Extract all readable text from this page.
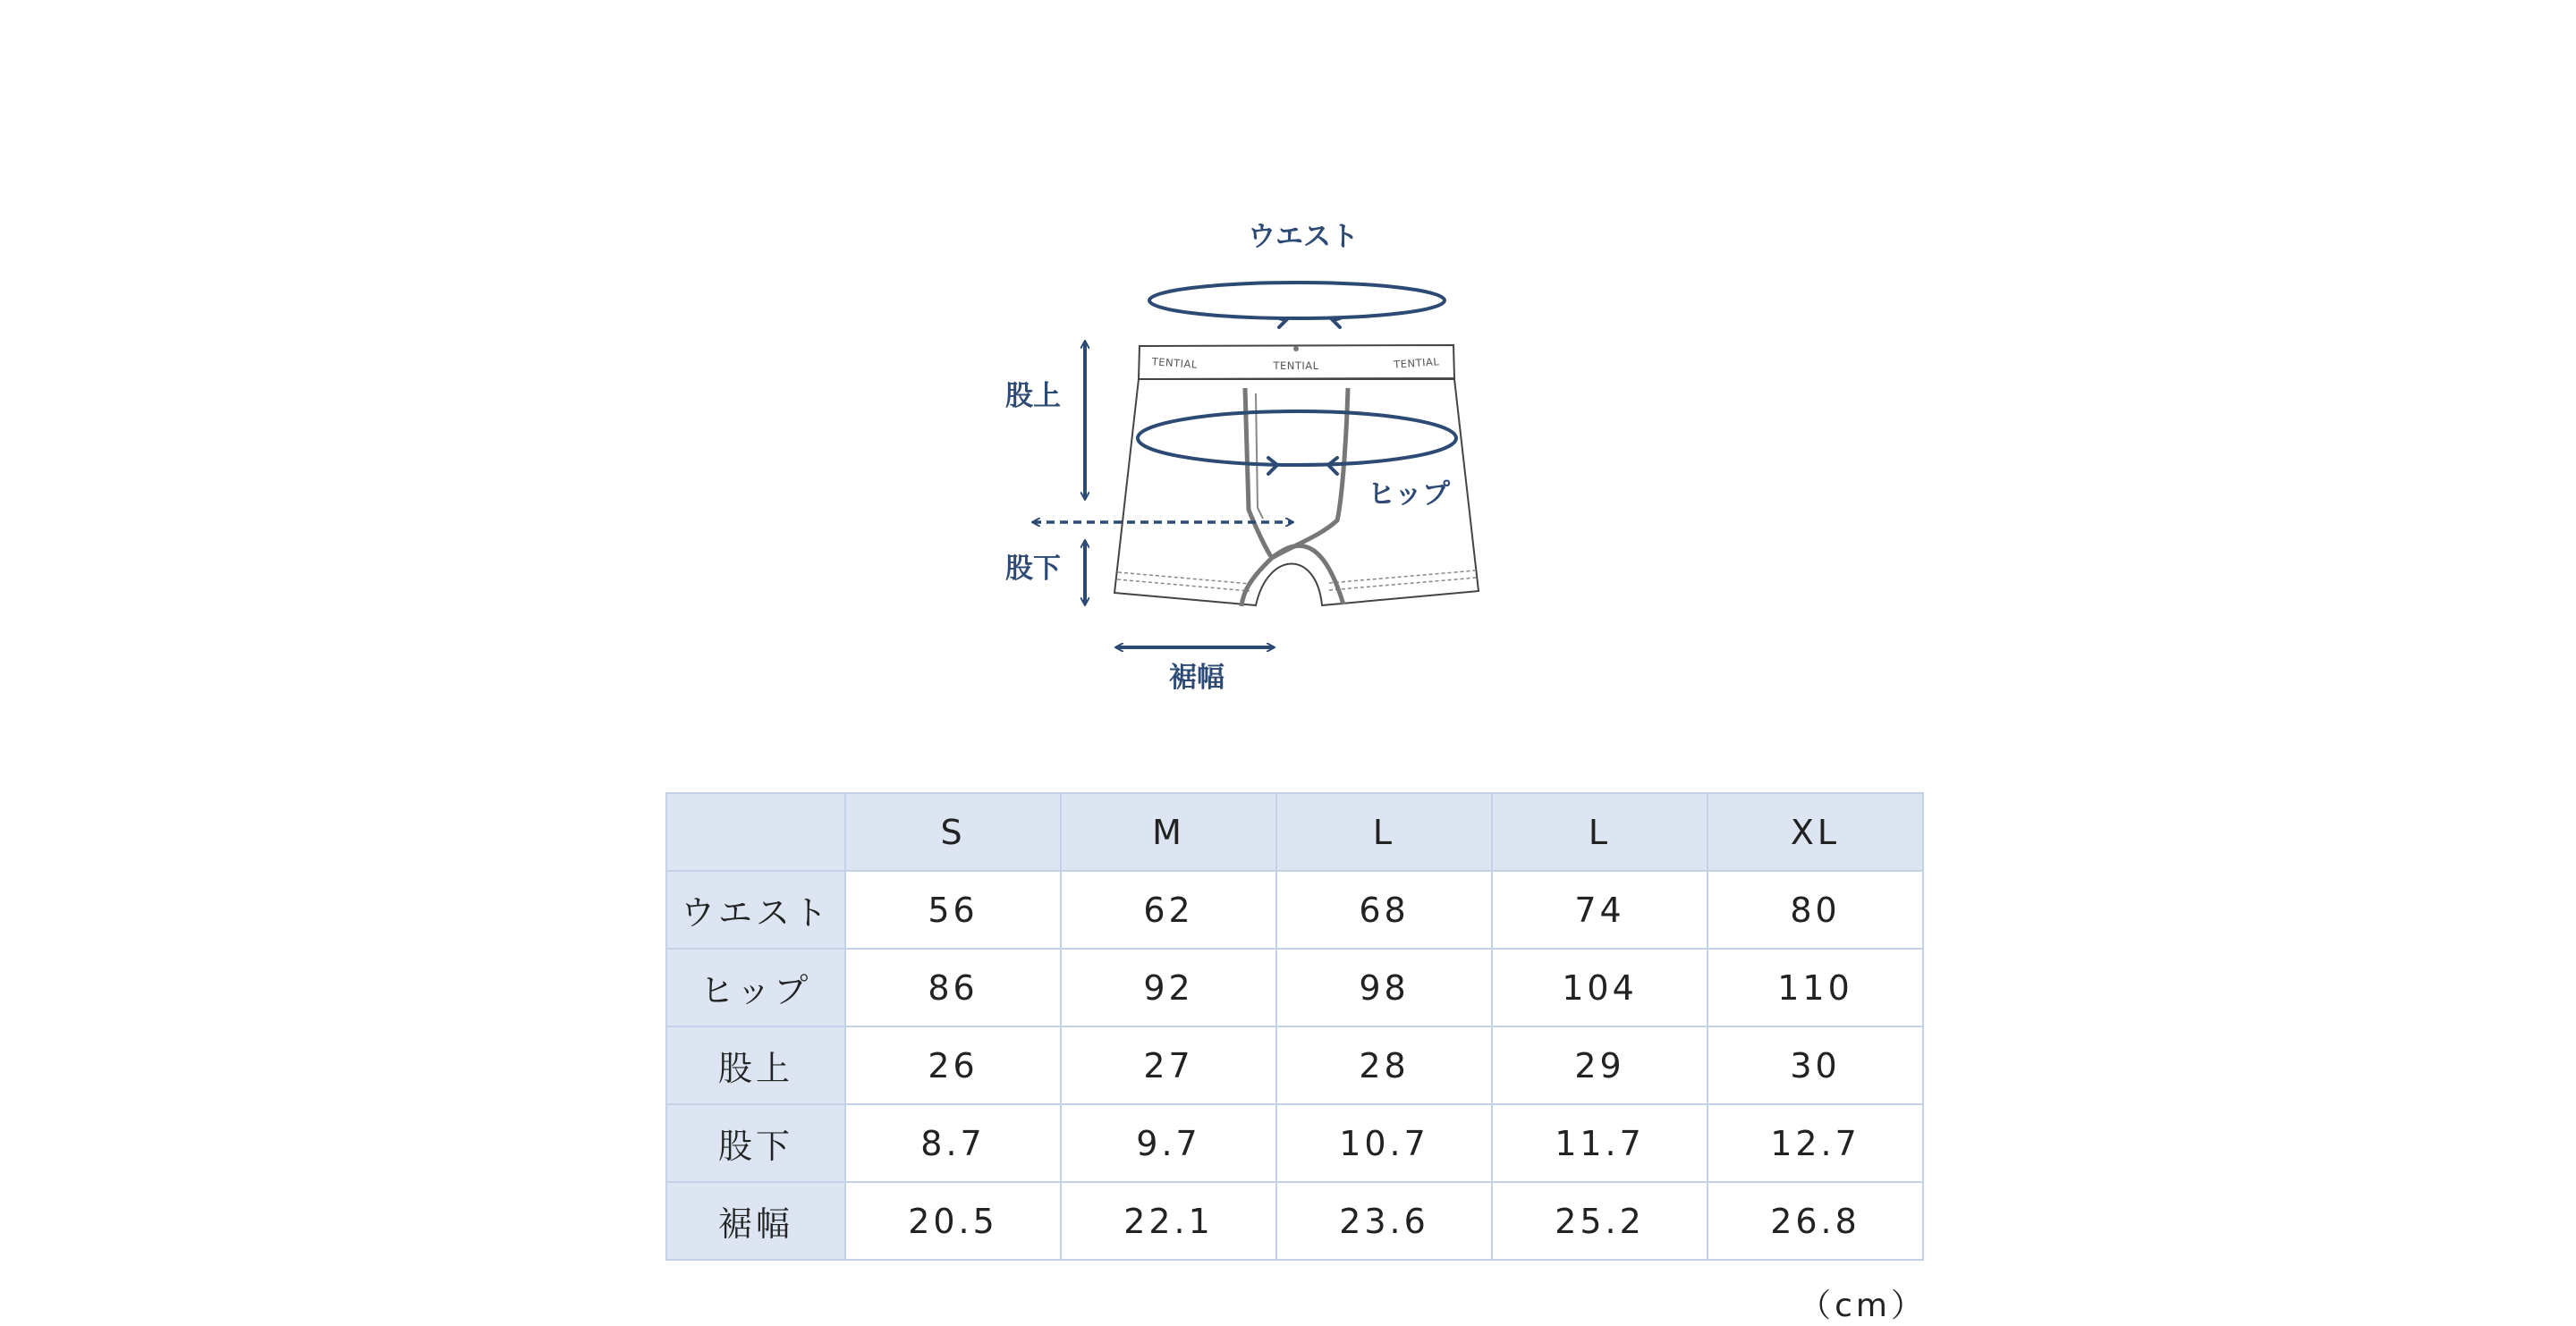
ウエスト
TENTIAL	TENTIAL	TENTIAL
ヒップ
股上
股下
裾幅
	S	M	L	L	XL
ウエスト	56	62	68	74	80
ヒップ	86	92	98	104	110
股上	26	27	28	29	30
股下	8.7	9.7	10.7	11.7	12.7
裾幅	20.5	22.1	23.6	25.2	26.8
（cm）
